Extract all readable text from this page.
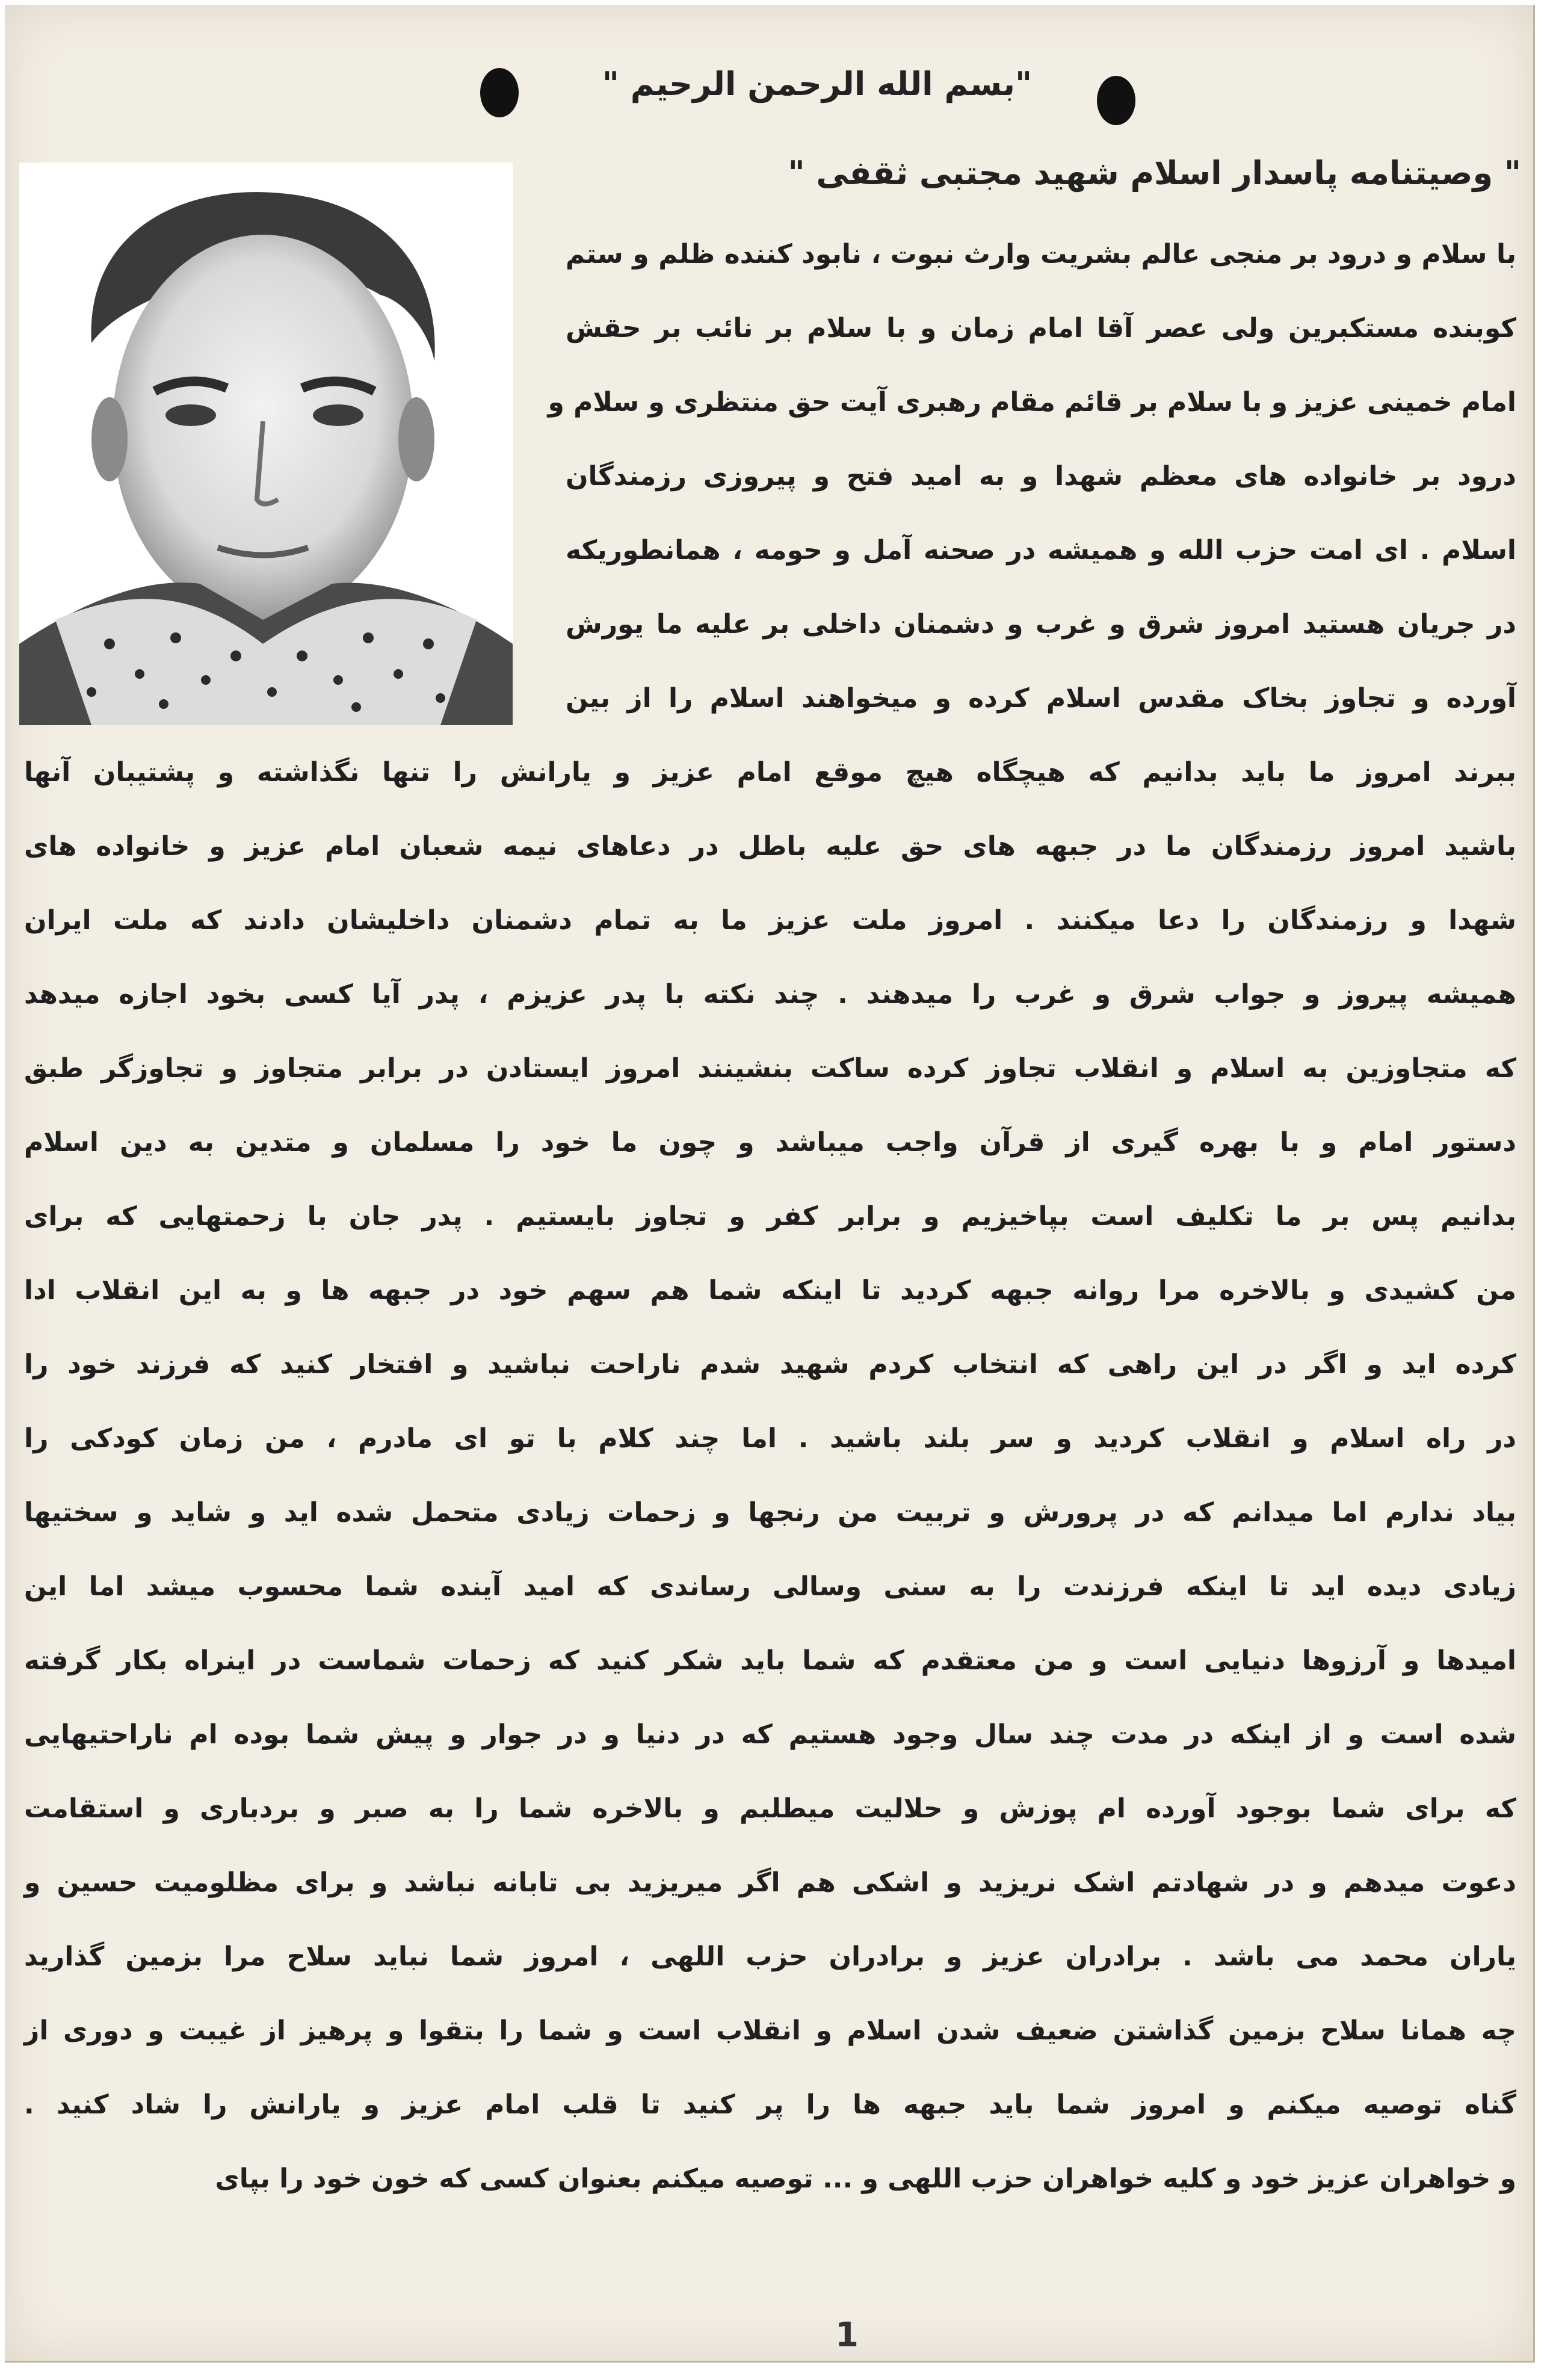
"بسم الله الرحمن الرحیم "
" وصیتنامه پاسدار اسلام شهید مجتبی ثقفی "
با سلام و درود بر منجی عالم بشریت وارث نبوت ، نابود کننده ظلم و ستم
کوبنده مستکبرین ولی عصر آقا امام زمان و با سلام بر نائب بر حقش
امام خمینی عزیز و با سلام بر قائم مقام رهبری آیت حق منتظری و سلام و
درود بر خانواده های معظم شهدا و به امید فتح و پیروزی رزمندگان
اسلام . ای امت حزب الله و همیشه در صحنه آمل و حومه ، همانطوریکه
در جریان هستید امروز شرق و غرب و دشمنان داخلی بر علیه ما یورش
آورده و تجاوز بخاک مقدس اسلام کرده و میخواهند اسلام را از بین
ببرند امروز ما باید بدانیم که هیچگاه هیچ موقع امام عزیز و یارانش را تنها نگذاشته و پشتیبان آنها
باشید امروز رزمندگان ما در جبهه های حق علیه باطل در دعاهای نیمه شعبان امام عزیز و خانواده های
شهدا و رزمندگان را دعا میکنند . امروز ملت عزیز ما به تمام دشمنان داخلیشان دادند که ملت ایران
همیشه پیروز و جواب شرق و غرب را میدهند . چند نکته با پدر عزیزم ، پدر آیا کسی بخود اجازه میدهد
که متجاوزین به اسلام و انقلاب تجاوز کرده ساکت بنشینند امروز ایستادن در برابر متجاوز و تجاوزگر طبق
دستور امام و با بهره گیری از قرآن واجب میباشد و چون ما خود را مسلمان و متدین به دین اسلام
بدانیم پس بر ما تکلیف است بپاخیزیم و برابر کفر و تجاوز بایستیم . پدر جان با زحمتهایی که برای
من کشیدی و بالاخره مرا روانه جبهه کردید تا اینکه شما هم سهم خود در جبهه ها و به این انقلاب ادا
کرده اید و اگر در این راهی که انتخاب کردم شهید شدم ناراحت نباشید و افتخار کنید که فرزند خود را
در راه اسلام و انقلاب کردید و سر بلند باشید . اما چند کلام با تو ای مادرم ، من زمان کودکی را
بیاد ندارم اما میدانم که در پرورش و تربیت من رنجها و زحمات زیادی متحمل شده اید و شاید و سختیها
زیادی دیده اید تا اینکه فرزندت را به سنی وسالی رساندی که امید آینده شما محسوب میشد اما این
امیدها و آرزوها دنیایی است و من معتقدم که شما باید شکر کنید که زحمات شماست در اینراه بکار گرفته
شده است و از اینکه در مدت چند سال وجود هستیم که در دنیا و در جوار و پیش شما بوده ام ناراحتیهایی
که برای شما بوجود آورده ام پوزش و حلالیت میطلبم و بالاخره شما را به صبر و بردباری و استقامت
دعوت میدهم و در شهادتم اشک نریزید و اشکی هم اگر میریزید بی تابانه نباشد و برای مظلومیت حسین و
یاران محمد می باشد . برادران عزیز و برادران حزب اللهی ، امروز شما نباید سلاح مرا بزمین گذارید
چه همانا سلاح بزمین گذاشتن ضعیف شدن اسلام و انقلاب است و شما را بتقوا و پرهیز از غیبت و دوری از
گناه توصیه میکنم و امروز شما باید جبهه ها را پر کنید تا قلب امام عزیز و یارانش را شاد کنید .
و خواهران عزیز خود و کلیه خواهران حزب اللهی و ... توصیه میکنم بعنوان کسی که خون خود را بپای
1
